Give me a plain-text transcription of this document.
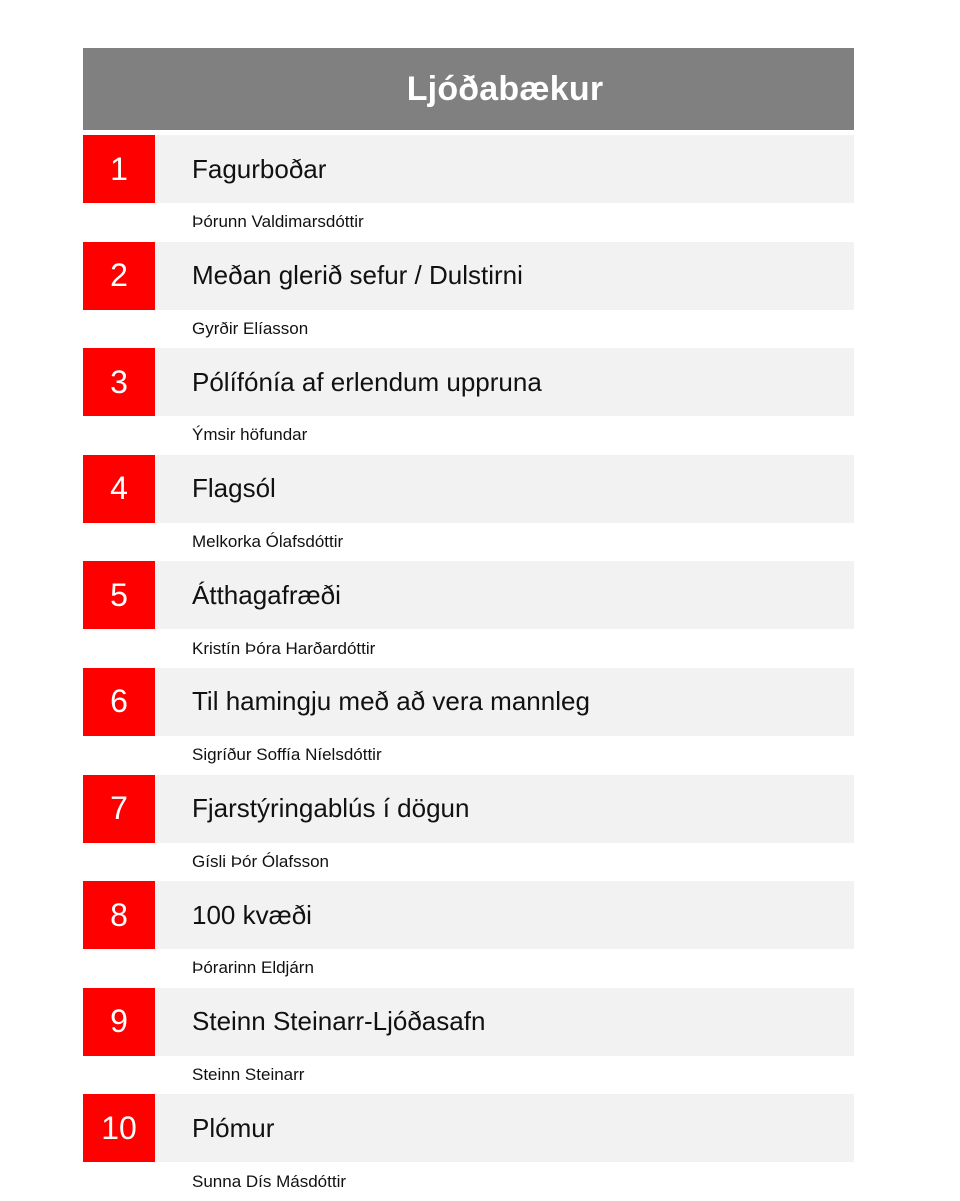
Ljóðabækur
1	Fagurboðar
Þórunn Valdimarsdóttir
2	Meðan glerið sefur / Dulstirni
Gyrðir Elíasson
3	Pólífónía af erlendum uppruna
Ýmsir höfundar
4	Flagsól
Melkorka Ólafsdóttir
5	Átthagafræði
Kristín Þóra Harðardóttir
6	Til hamingju með að vera mannleg
Sigríður Soffía Níelsdóttir
7	Fjarstýringablús í dögun
Gísli Þór Ólafsson
8	100 kvæði
Þórarinn Eldjárn
9	Steinn Steinarr-Ljóðasafn
Steinn Steinarr
10	Plómur
Sunna Dís Másdóttir
